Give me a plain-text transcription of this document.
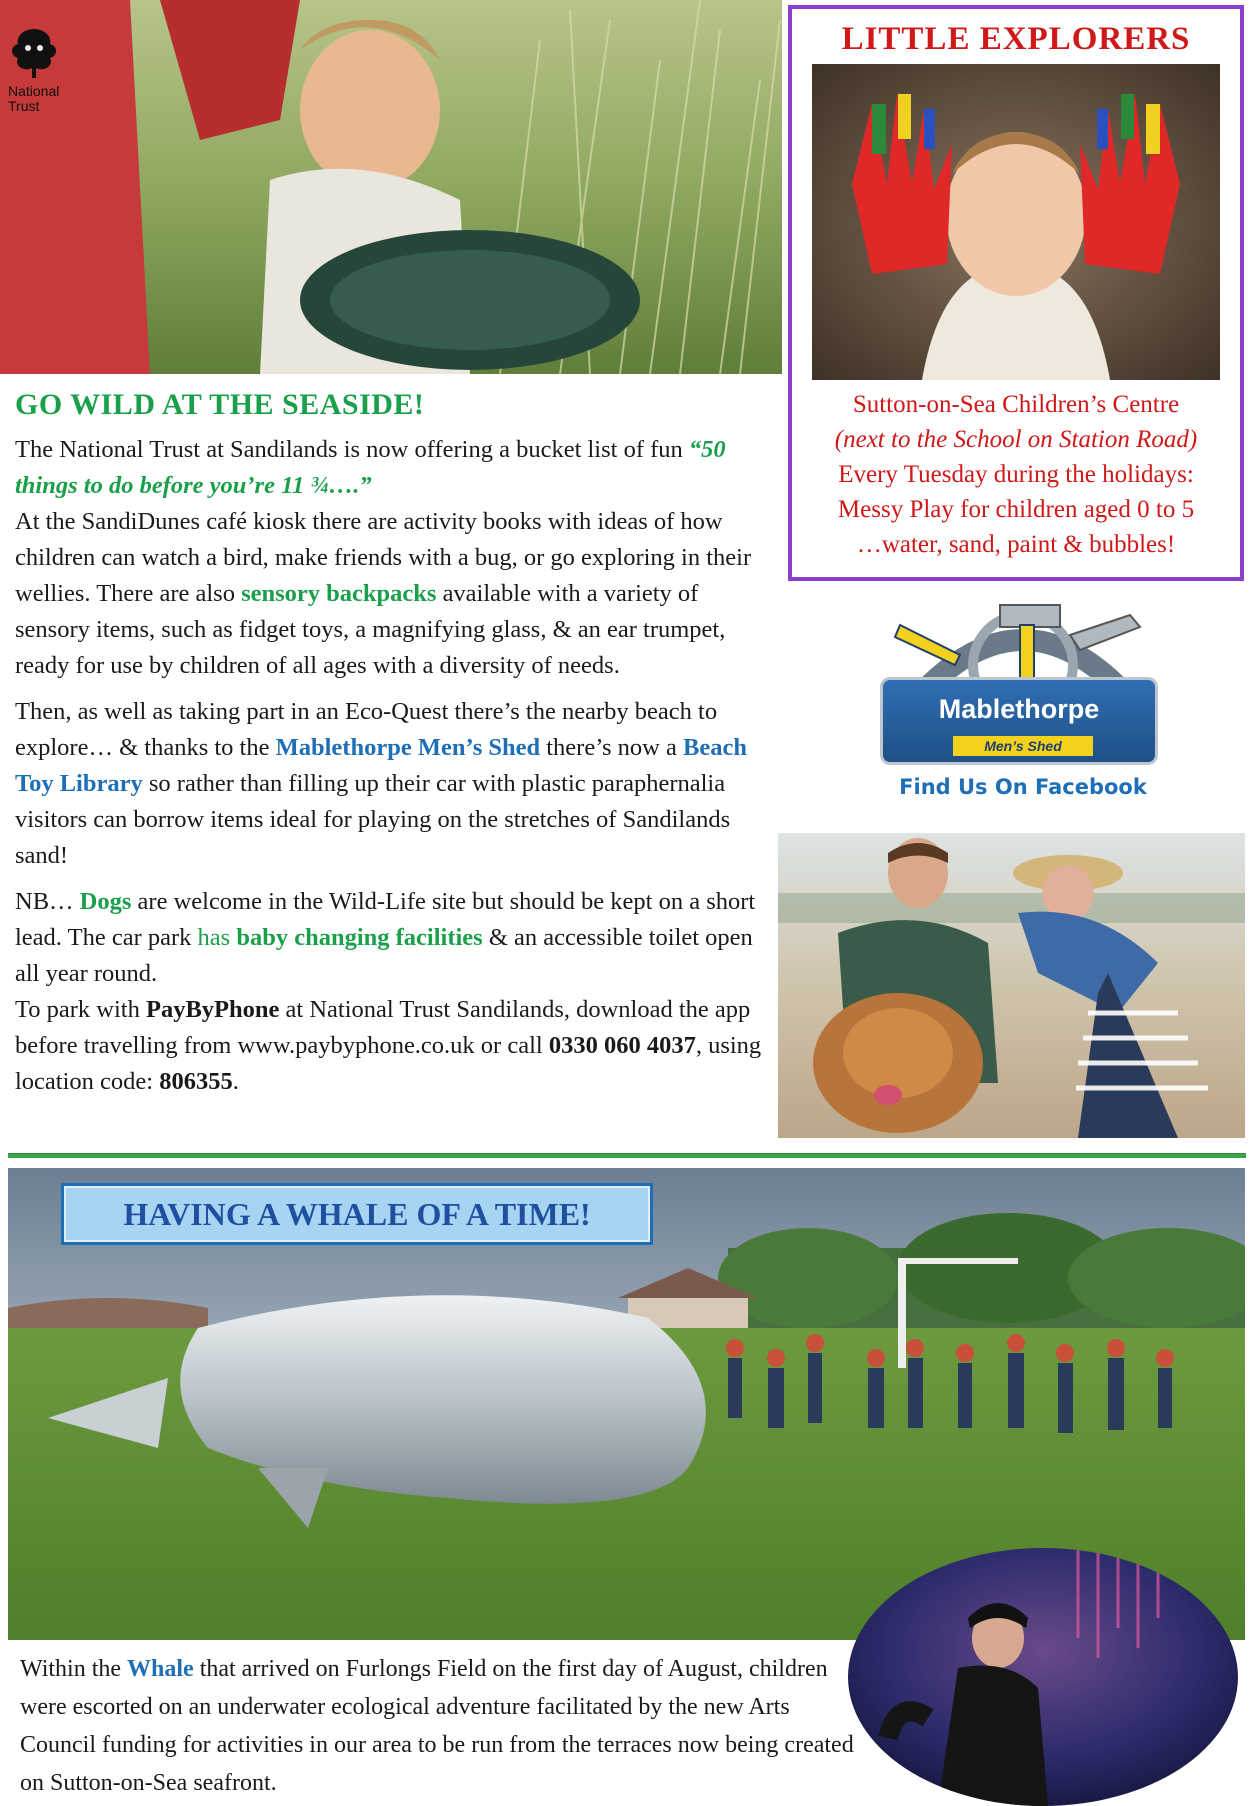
National
Trust
LITTLE EXPLORERS
Sutton-on-Sea Children’s Centre
(next to the School on Station Road)
Every Tuesday during the holidays:
Messy Play for children aged 0 to 5
…water, sand, paint & bubbles!
Mablethorpe
Men’s Shed
Find Us On Facebook
GO WILD AT THE SEASIDE!

The National Trust at Sandilands is now offering a bucket list of fun “50 things to do before you’re 11 ¾….”
At the SandiDunes café kiosk there are activity books with ideas of how children can watch a bird, make friends with a bug, or go exploring in their wellies. There are also sensory backpacks available with a variety of sensory items, such as fidget toys, a magnifying glass, & an ear trumpet, ready for use by children of all ages with a diversity of needs.

Then, as well as taking part in an Eco-Quest there’s the nearby beach to explore… & thanks to the Mablethorpe Men’s Shed there’s now a Beach Toy Library so rather than filling up their car with plastic paraphernalia visitors can borrow items ideal for playing on the stretches of Sandilands sand!

NB… Dogs are welcome in the Wild-Life site but should be kept on a short lead. The car park has baby changing facilities & an accessible toilet open all year round.
To park with PayByPhone at National Trust Sandilands, download the app before travelling from www.paybyphone.co.uk or call 0330 060 4037, using location code: 806355.

HAVING A WHALE OF A TIME!

Within the Whale that arrived on Furlongs Field on the first day of August, children were escorted on an underwater ecological adventure facilitated by the new Arts Council funding for activities in our area to be run from the terraces now being created on Sutton-on-Sea seafront.
